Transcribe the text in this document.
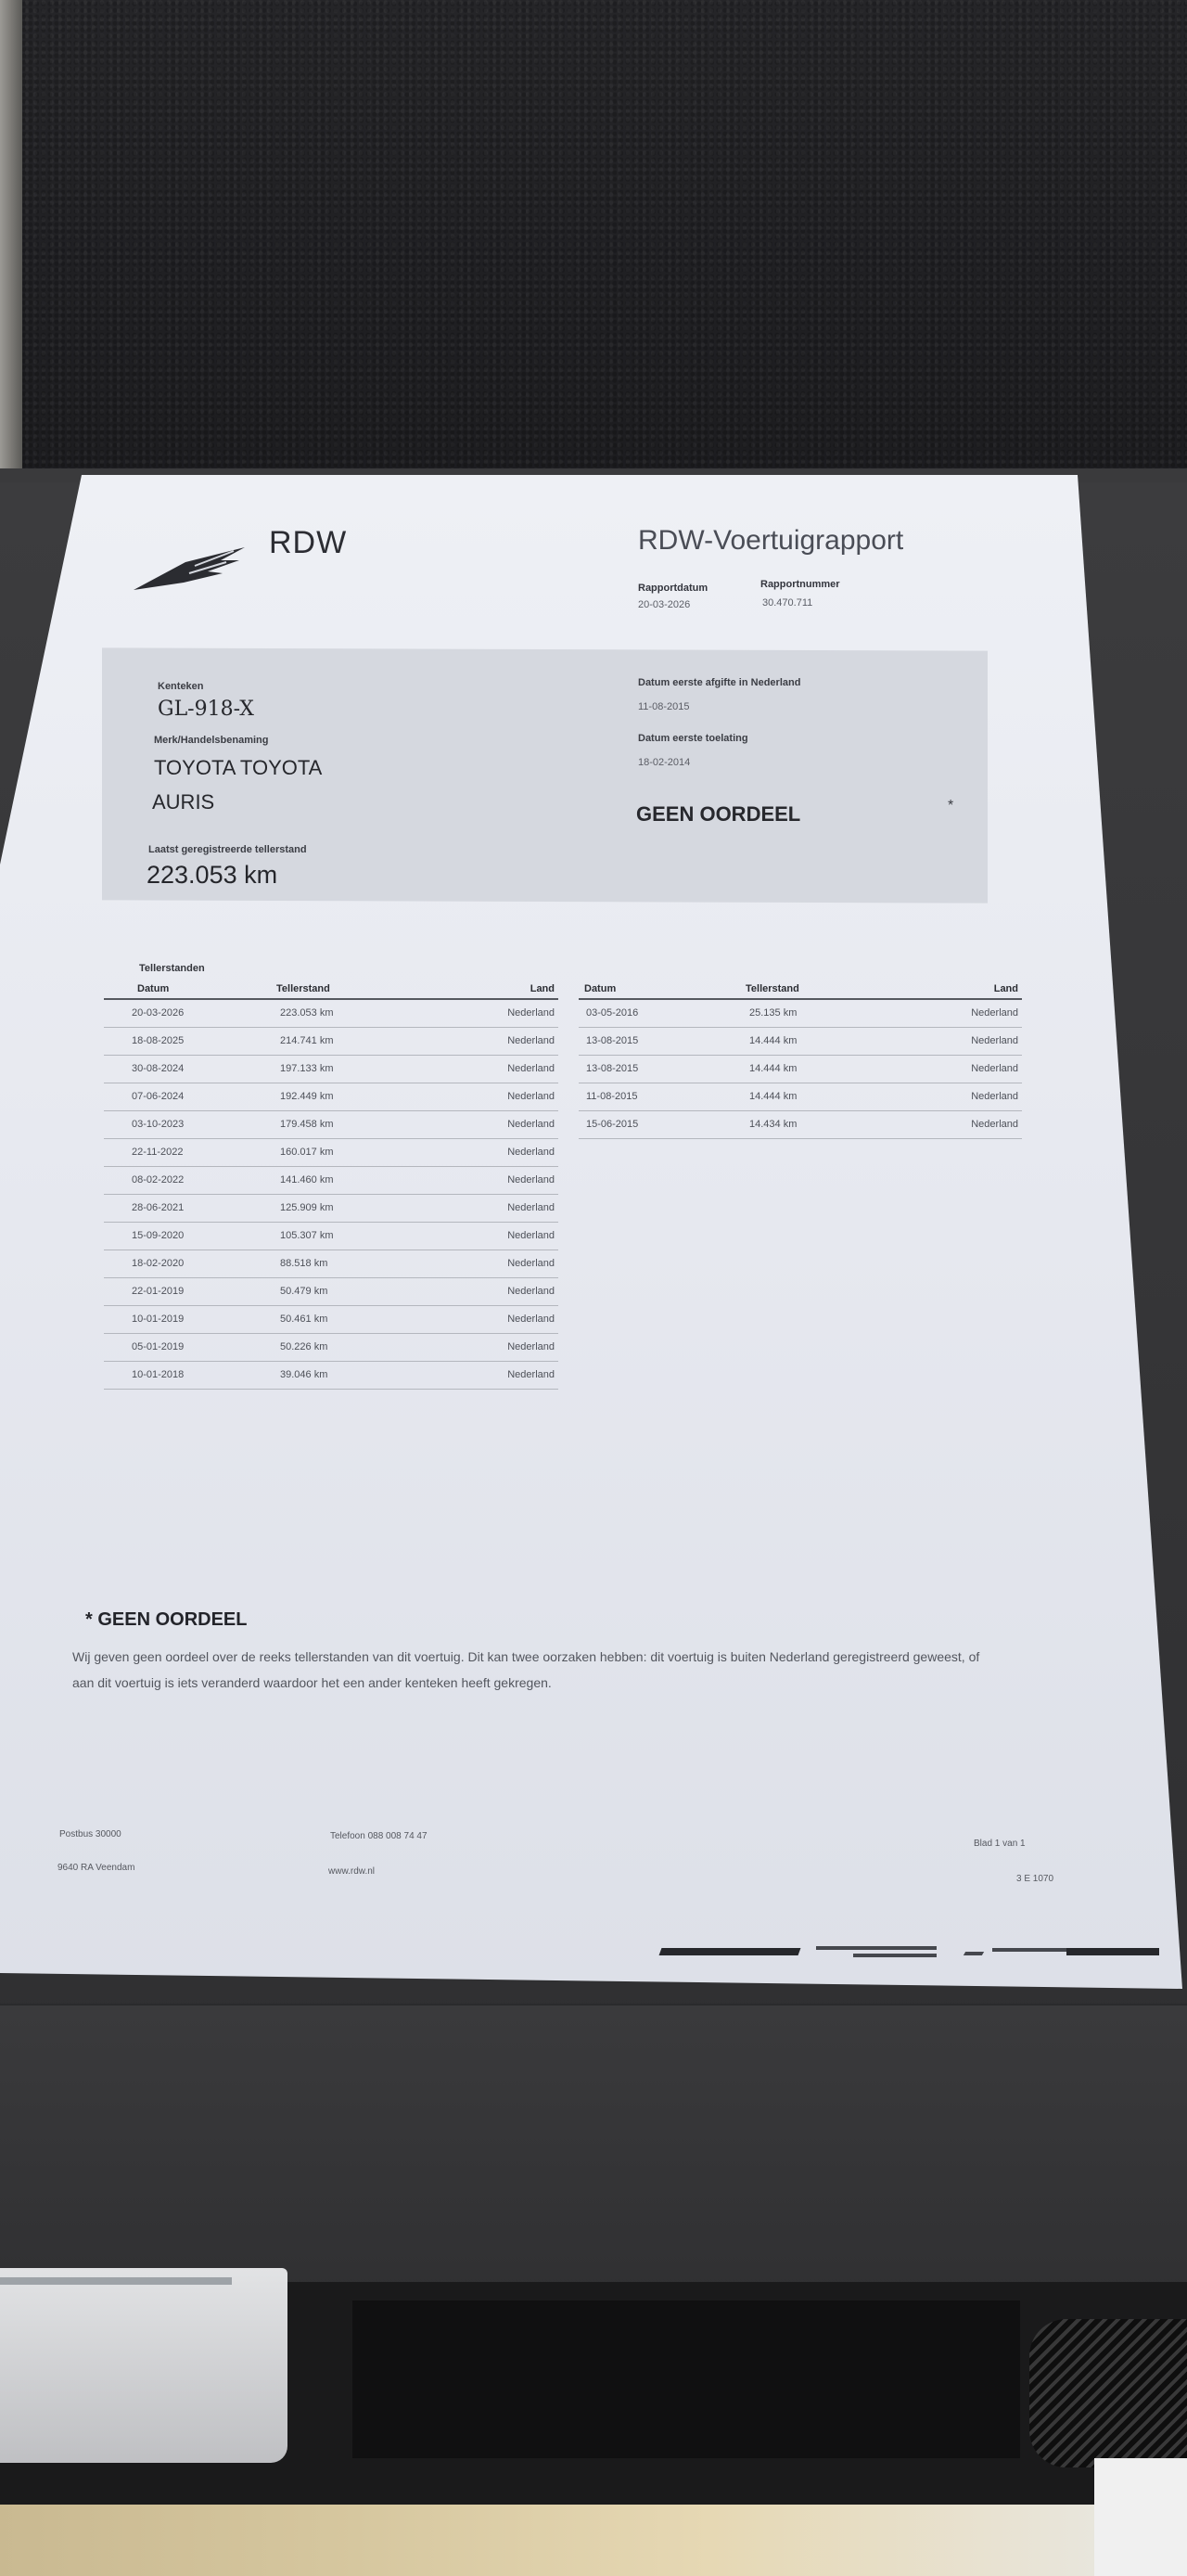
RDW	RDW-Voertuigrapport
Rapportdatum
20-03-2026
Rapportnummer
30.470.711
Kenteken
GL-918-X
Merk/Handelsbenaming
TOYOTA TOYOTA
AURIS
Laatst geregistreerde tellerstand
223.053 km
Datum eerste afgifte in Nederland
11-08-2015
Datum eerste toelating
18-02-2014
GEEN OORDEEL	*
Tellerstanden
Datum	Tellerstand	Land
20-03-2026	223.053 km	Nederland
18-08-2025	214.741 km	Nederland
30-08-2024	197.133 km	Nederland
07-06-2024	192.449 km	Nederland
03-10-2023	179.458 km	Nederland
22-11-2022	160.017 km	Nederland
08-02-2022	141.460 km	Nederland
28-06-2021	125.909 km	Nederland
15-09-2020	105.307 km	Nederland
18-02-2020	88.518 km	Nederland
22-01-2019	50.479 km	Nederland
10-01-2019	50.461 km	Nederland
05-01-2019	50.226 km	Nederland
10-01-2018	39.046 km	Nederland
Datum	Tellerstand	Land
03-05-2016	25.135 km	Nederland
13-08-2015	14.444 km	Nederland
13-08-2015	14.444 km	Nederland
11-08-2015	14.444 km	Nederland
15-06-2015	14.434 km	Nederland
* GEEN OORDEEL
Wij geven geen oordeel over de reeks tellerstanden van dit voertuig. Dit kan twee oorzaken hebben: dit voertuig is buiten Nederland geregistreerd geweest, of aan dit voertuig is iets veranderd waardoor het een ander kenteken heeft gekregen.
Postbus 30000
9640 RA Veendam
Telefoon 088 008 74 47
www.rdw.nl
Blad 1 van 1
3 E 1070
